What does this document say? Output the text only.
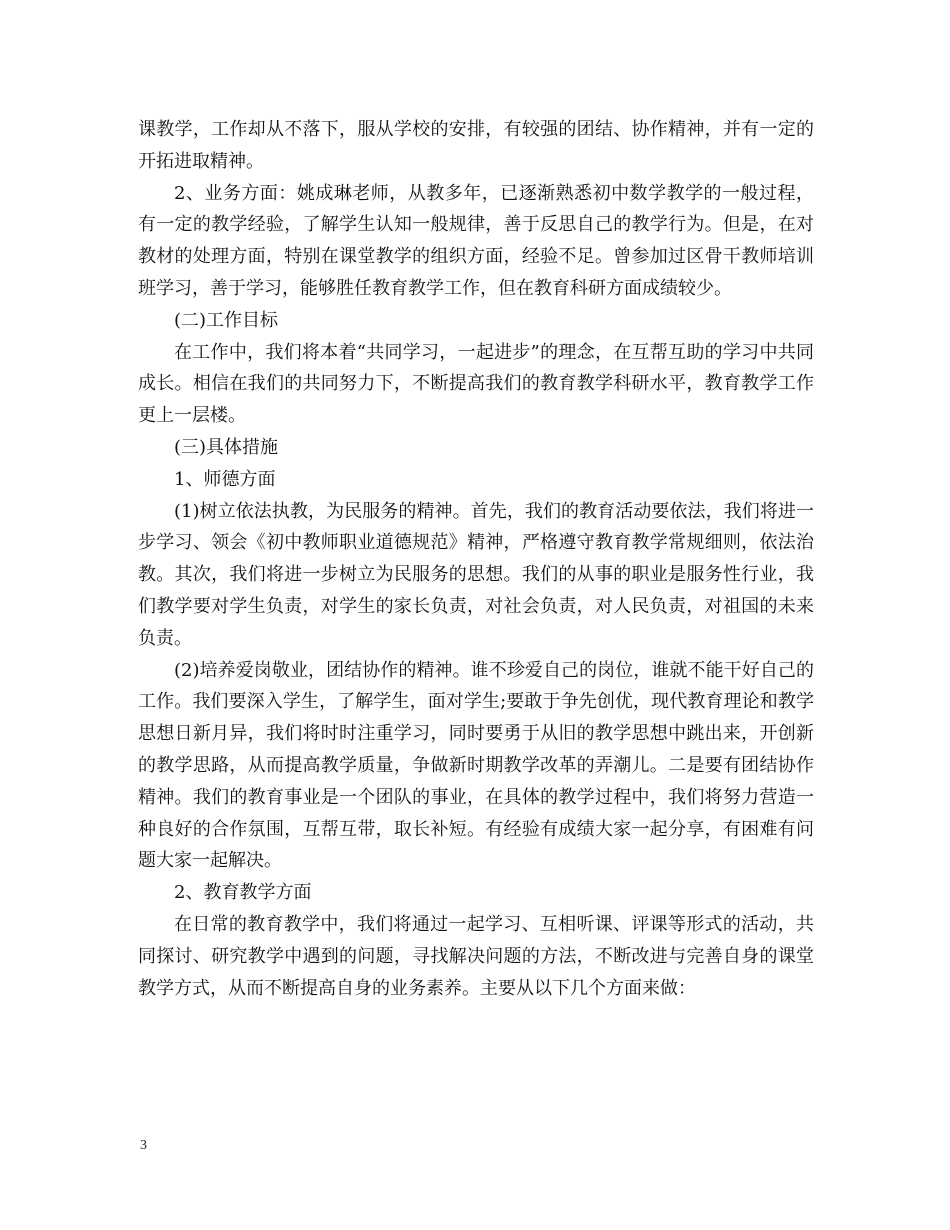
课教学，工作却从不落下，服从学校的安排，有较强的团结、协作精神，并有一定的开拓进取精神。

2、业务方面：姚成琳老师，从教多年，已逐渐熟悉初中数学教学的一般过程，有一定的教学经验，了解学生认知一般规律，善于反思自己的教学行为。但是，在对教材的处理方面，特别在课堂教学的组织方面，经验不足。曾参加过区骨干教师培训班学习，善于学习，能够胜任教育教学工作，但在教育科研方面成绩较少。

(二)工作目标

在工作中，我们将本着“共同学习，一起进步”的理念，在互帮互助的学习中共同成长。相信在我们的共同努力下，不断提高我们的教育教学科研水平，教育教学工作更上一层楼。

(三)具体措施

1、师德方面

(1)树立依法执教，为民服务的精神。首先，我们的教育活动要依法，我们将进一步学习、领会《初中教师职业道德规范》精神，严格遵守教育教学常规细则，依法治教。其次，我们将进一步树立为民服务的思想。我们的从事的职业是服务性行业，我们教学要对学生负责，对学生的家长负责，对社会负责，对人民负责，对祖国的未来负责。

(2)培养爱岗敬业，团结协作的精神。谁不珍爱自己的岗位，谁就不能干好自己的工作。我们要深入学生，了解学生，面对学生;要敢于争先创优，现代教育理论和教学思想日新月异，我们将时时注重学习，同时要勇于从旧的教学思想中跳出来，开创新的教学思路，从而提高教学质量，争做新时期教学改革的弄潮儿。二是要有团结协作精神。我们的教育事业是一个团队的事业，在具体的教学过程中，我们将努力营造一种良好的合作氛围，互帮互带，取长补短。有经验有成绩大家一起分享，有困难有问题大家一起解决。

2、教育教学方面

在日常的教育教学中，我们将通过一起学习、互相听课、评课等形式的活动，共同探讨、研究教学中遇到的问题，寻找解决问题的方法，不断改进与完善自身的课堂教学方式，从而不断提高自身的业务素养。主要从以下几个方面来做：

3
